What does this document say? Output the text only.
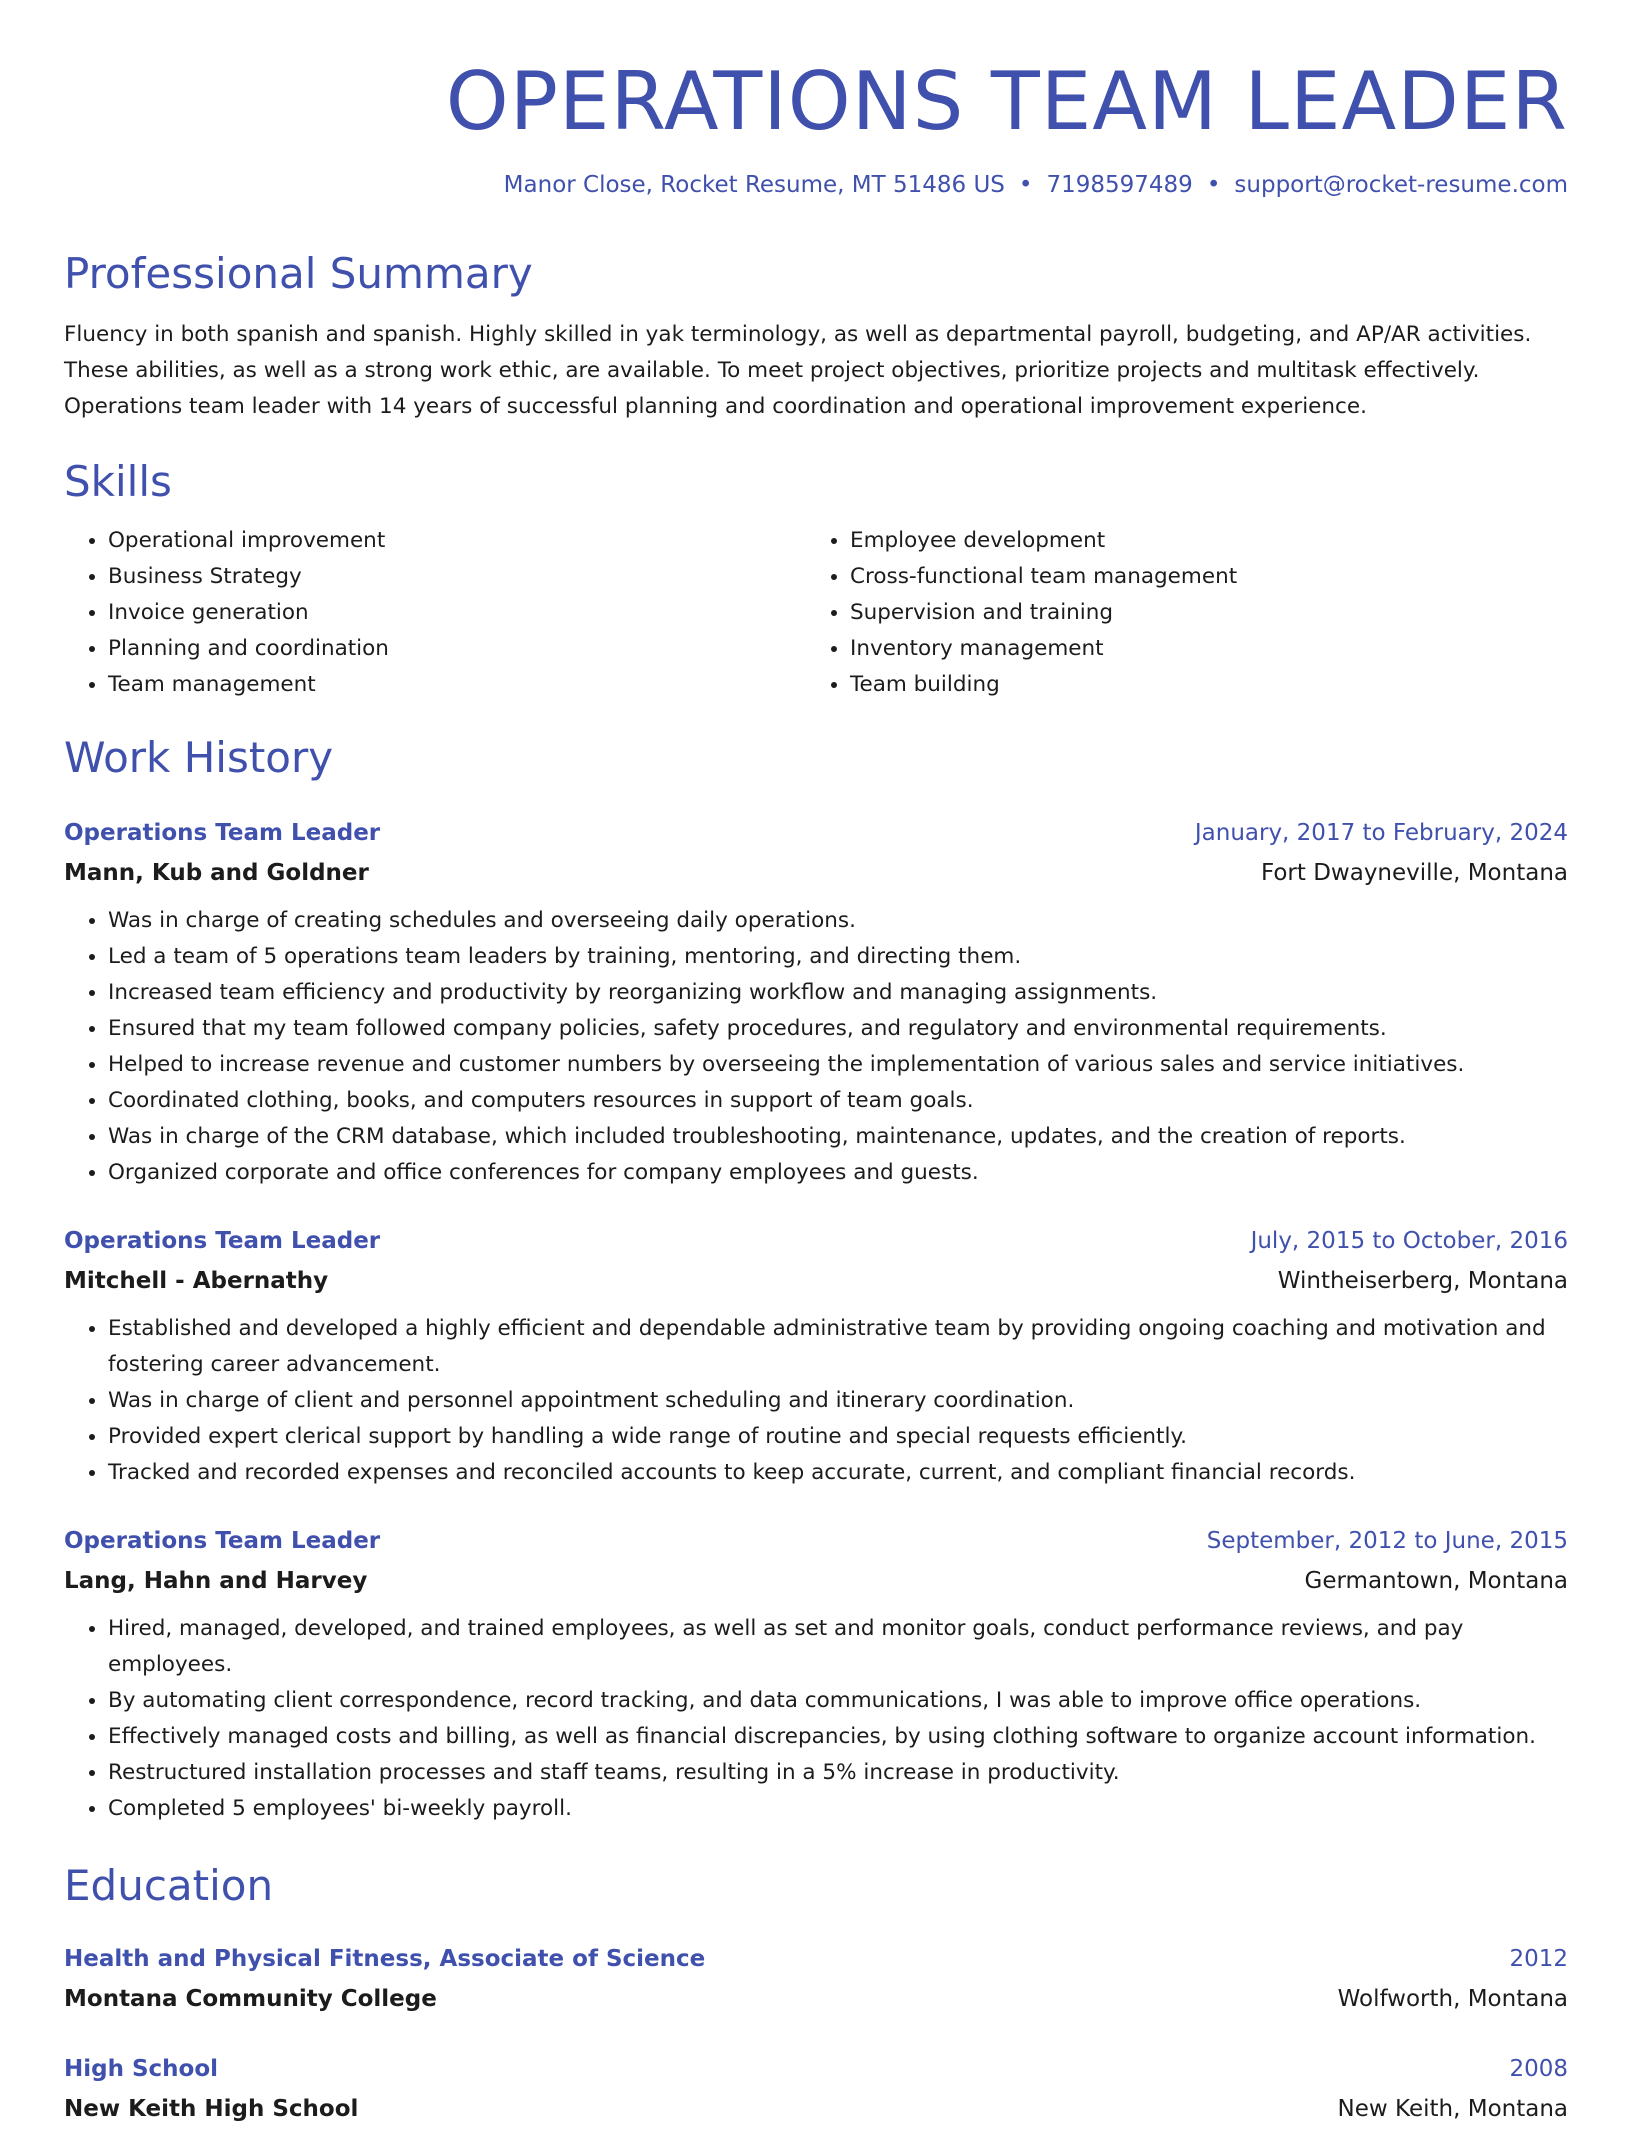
OPERATIONS TEAM LEADER
Manor Close, Rocket Resume, MT 51486 US • 7198597489 • support@rocket-resume.com
Professional Summary
Fluency in both spanish and spanish. Highly skilled in yak terminology, as well as departmental payroll, budgeting, and AP/AR activities. These abilities, as well as a strong work ethic, are available. To meet project objectives, prioritize projects and multitask effectively. Operations team leader with 14 years of successful planning and coordination and operational improvement experience.
Skills
• Operational improvement
• Business Strategy
• Invoice generation
• Planning and coordination
• Team management
• Employee development
• Cross-functional team management
• Supervision and training
• Inventory management
• Team building
Work History
Operations Team Leader	January, 2017 to February, 2024
Mann, Kub and Goldner	Fort Dwayneville, Montana
• Was in charge of creating schedules and overseeing daily operations.
• Led a team of 5 operations team leaders by training, mentoring, and directing them.
• Increased team efficiency and productivity by reorganizing workflow and managing assignments.
• Ensured that my team followed company policies, safety procedures, and regulatory and environmental requirements.
• Helped to increase revenue and customer numbers by overseeing the implementation of various sales and service initiatives.
• Coordinated clothing, books, and computers resources in support of team goals.
• Was in charge of the CRM database, which included troubleshooting, maintenance, updates, and the creation of reports.
• Organized corporate and office conferences for company employees and guests.
Operations Team Leader	July, 2015 to October, 2016
Mitchell - Abernathy	Wintheiserberg, Montana
• Established and developed a highly efficient and dependable administrative team by providing ongoing coaching and motivation and fostering career advancement.
• Was in charge of client and personnel appointment scheduling and itinerary coordination.
• Provided expert clerical support by handling a wide range of routine and special requests efficiently.
• Tracked and recorded expenses and reconciled accounts to keep accurate, current, and compliant financial records.
Operations Team Leader	September, 2012 to June, 2015
Lang, Hahn and Harvey	Germantown, Montana
• Hired, managed, developed, and trained employees, as well as set and monitor goals, conduct performance reviews, and pay employees.
• By automating client correspondence, record tracking, and data communications, I was able to improve office operations.
• Effectively managed costs and billing, as well as financial discrepancies, by using clothing software to organize account information.
• Restructured installation processes and staff teams, resulting in a 5% increase in productivity.
• Completed 5 employees' bi-weekly payroll.
Education
Health and Physical Fitness, Associate of Science	2012
Montana Community College	Wolfworth, Montana
High School	2008
New Keith High School	New Keith, Montana
